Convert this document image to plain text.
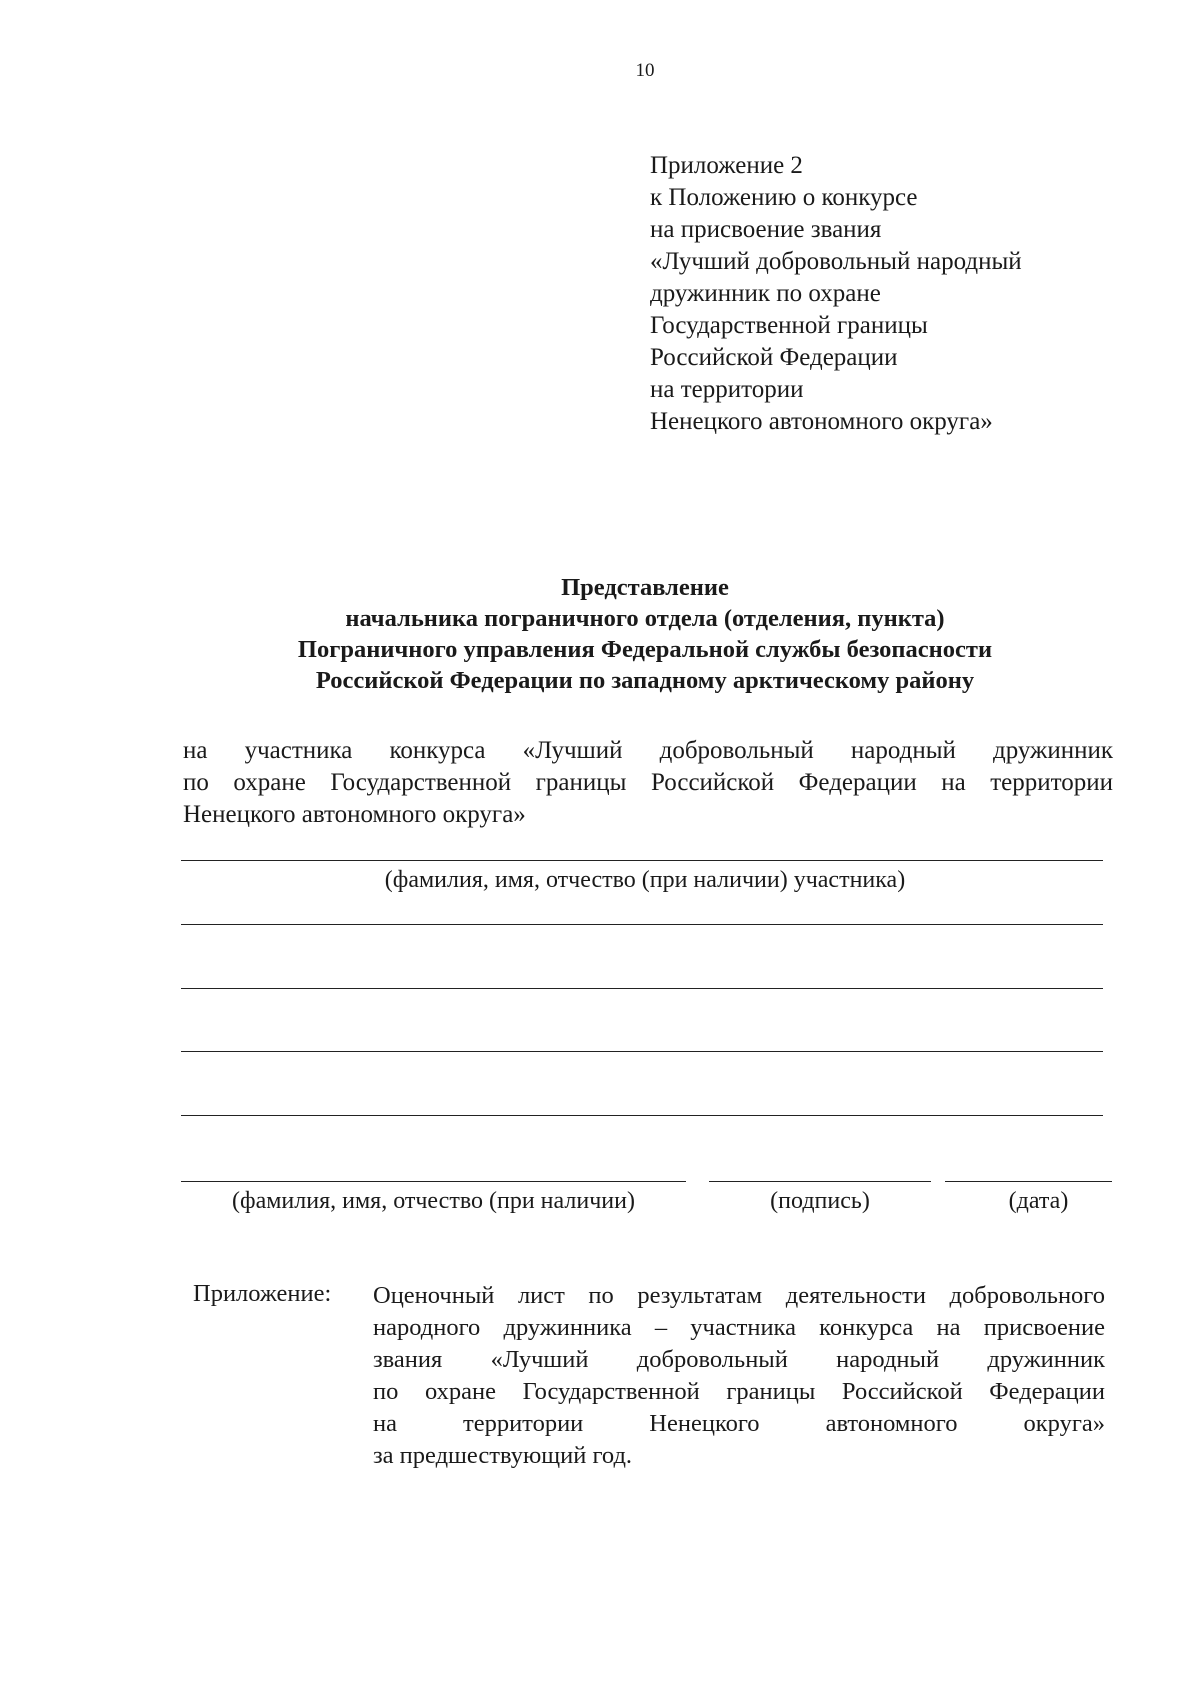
10
Приложение 2
к Положению о конкурсе
на присвоение звания
«Лучший добровольный народный
дружинник по охране
Государственной границы
Российской Федерации
на территории
Ненецкого автономного округа»
Представление
начальника пограничного отдела (отделения, пункта)
Пограничного управления Федеральной службы безопасности
Российской Федерации по западному арктическому району
на участника конкурса «Лучший добровольный народный дружинник
по охране Государственной границы Российской Федерации на территории
Ненецкого автономного округа»
(фамилия, имя, отчество (при наличии) участника)
(фамилия, имя, отчество (при наличии)	(подпись)	(дата)
Приложение: Оценочный лист по результатам деятельности добровольного
народного дружинника – участника конкурса на присвоение
звания «Лучший добровольный народный дружинник
по охране Государственной границы Российской Федерации
на территории Ненецкого автономного округа»
за предшествующий год.
